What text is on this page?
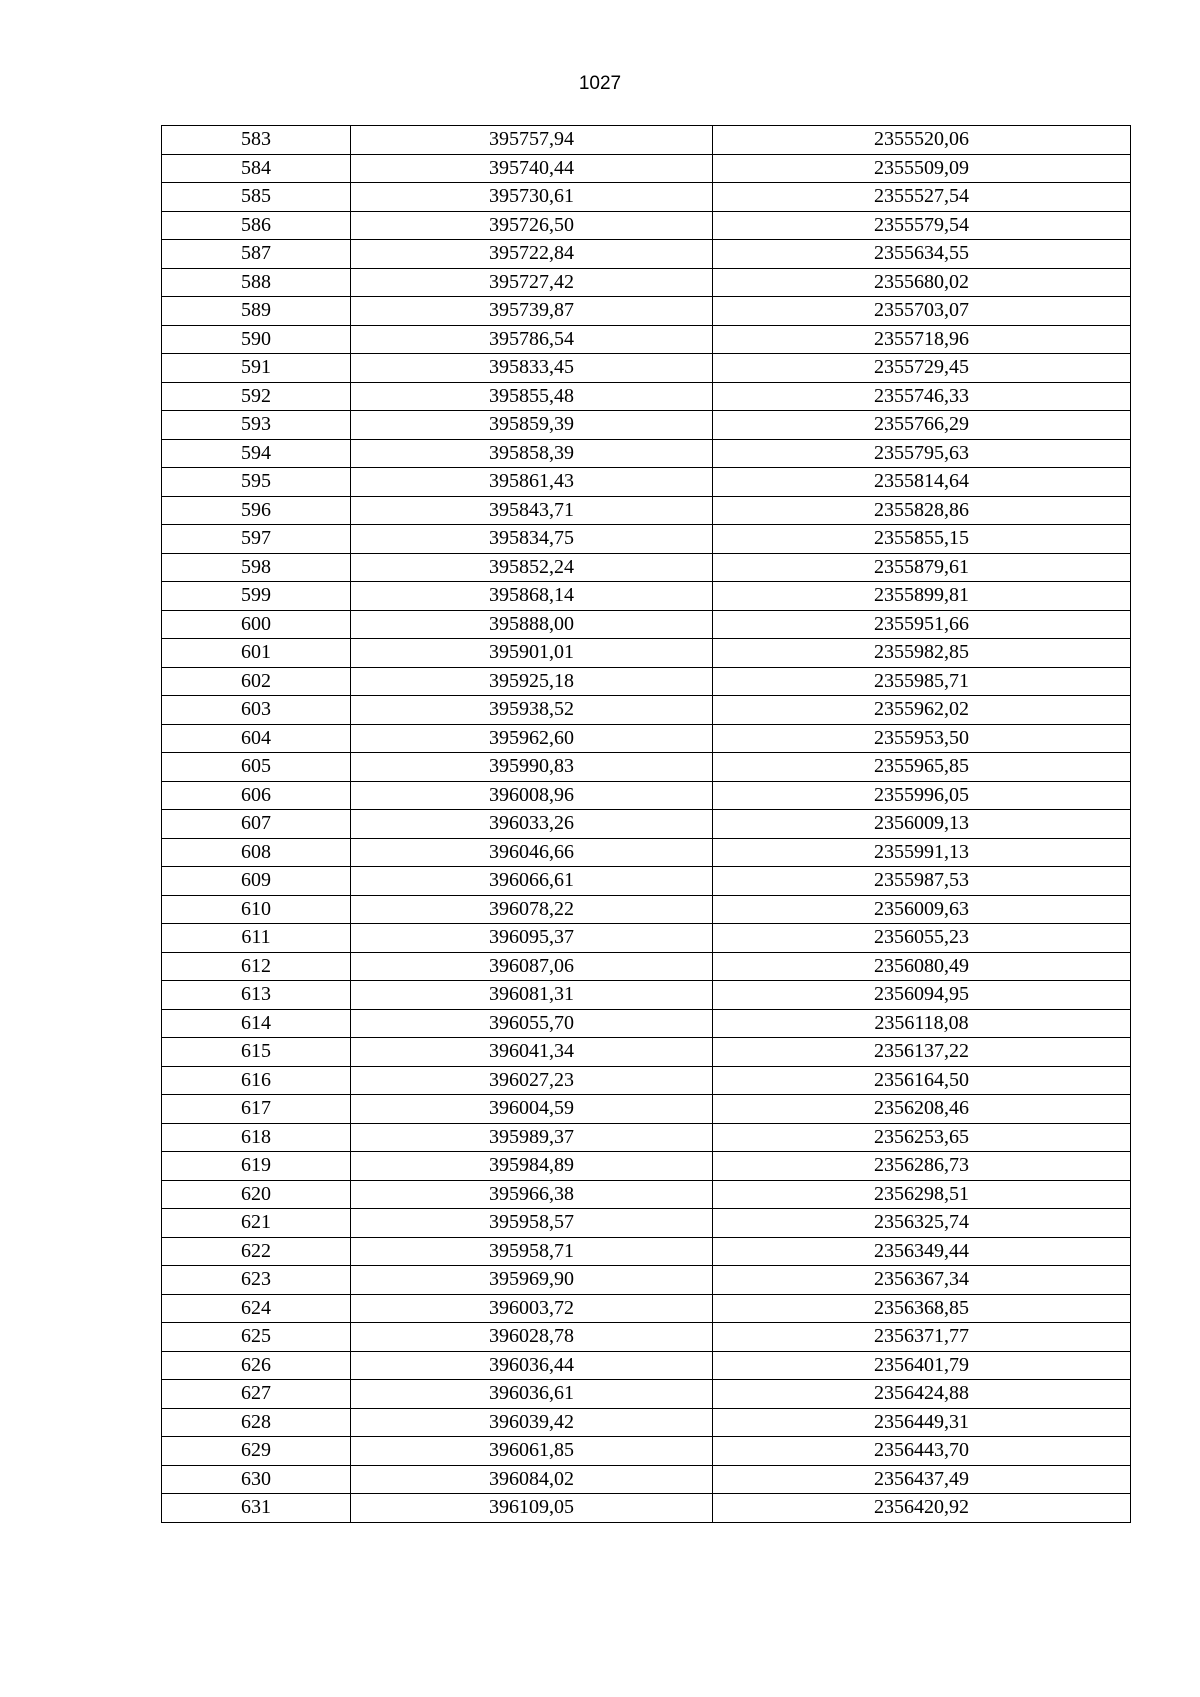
1027
583	395757,94	2355520,06
584	395740,44	2355509,09
585	395730,61	2355527,54
586	395726,50	2355579,54
587	395722,84	2355634,55
588	395727,42	2355680,02
589	395739,87	2355703,07
590	395786,54	2355718,96
591	395833,45	2355729,45
592	395855,48	2355746,33
593	395859,39	2355766,29
594	395858,39	2355795,63
595	395861,43	2355814,64
596	395843,71	2355828,86
597	395834,75	2355855,15
598	395852,24	2355879,61
599	395868,14	2355899,81
600	395888,00	2355951,66
601	395901,01	2355982,85
602	395925,18	2355985,71
603	395938,52	2355962,02
604	395962,60	2355953,50
605	395990,83	2355965,85
606	396008,96	2355996,05
607	396033,26	2356009,13
608	396046,66	2355991,13
609	396066,61	2355987,53
610	396078,22	2356009,63
611	396095,37	2356055,23
612	396087,06	2356080,49
613	396081,31	2356094,95
614	396055,70	2356118,08
615	396041,34	2356137,22
616	396027,23	2356164,50
617	396004,59	2356208,46
618	395989,37	2356253,65
619	395984,89	2356286,73
620	395966,38	2356298,51
621	395958,57	2356325,74
622	395958,71	2356349,44
623	395969,90	2356367,34
624	396003,72	2356368,85
625	396028,78	2356371,77
626	396036,44	2356401,79
627	396036,61	2356424,88
628	396039,42	2356449,31
629	396061,85	2356443,70
630	396084,02	2356437,49
631	396109,05	2356420,92
